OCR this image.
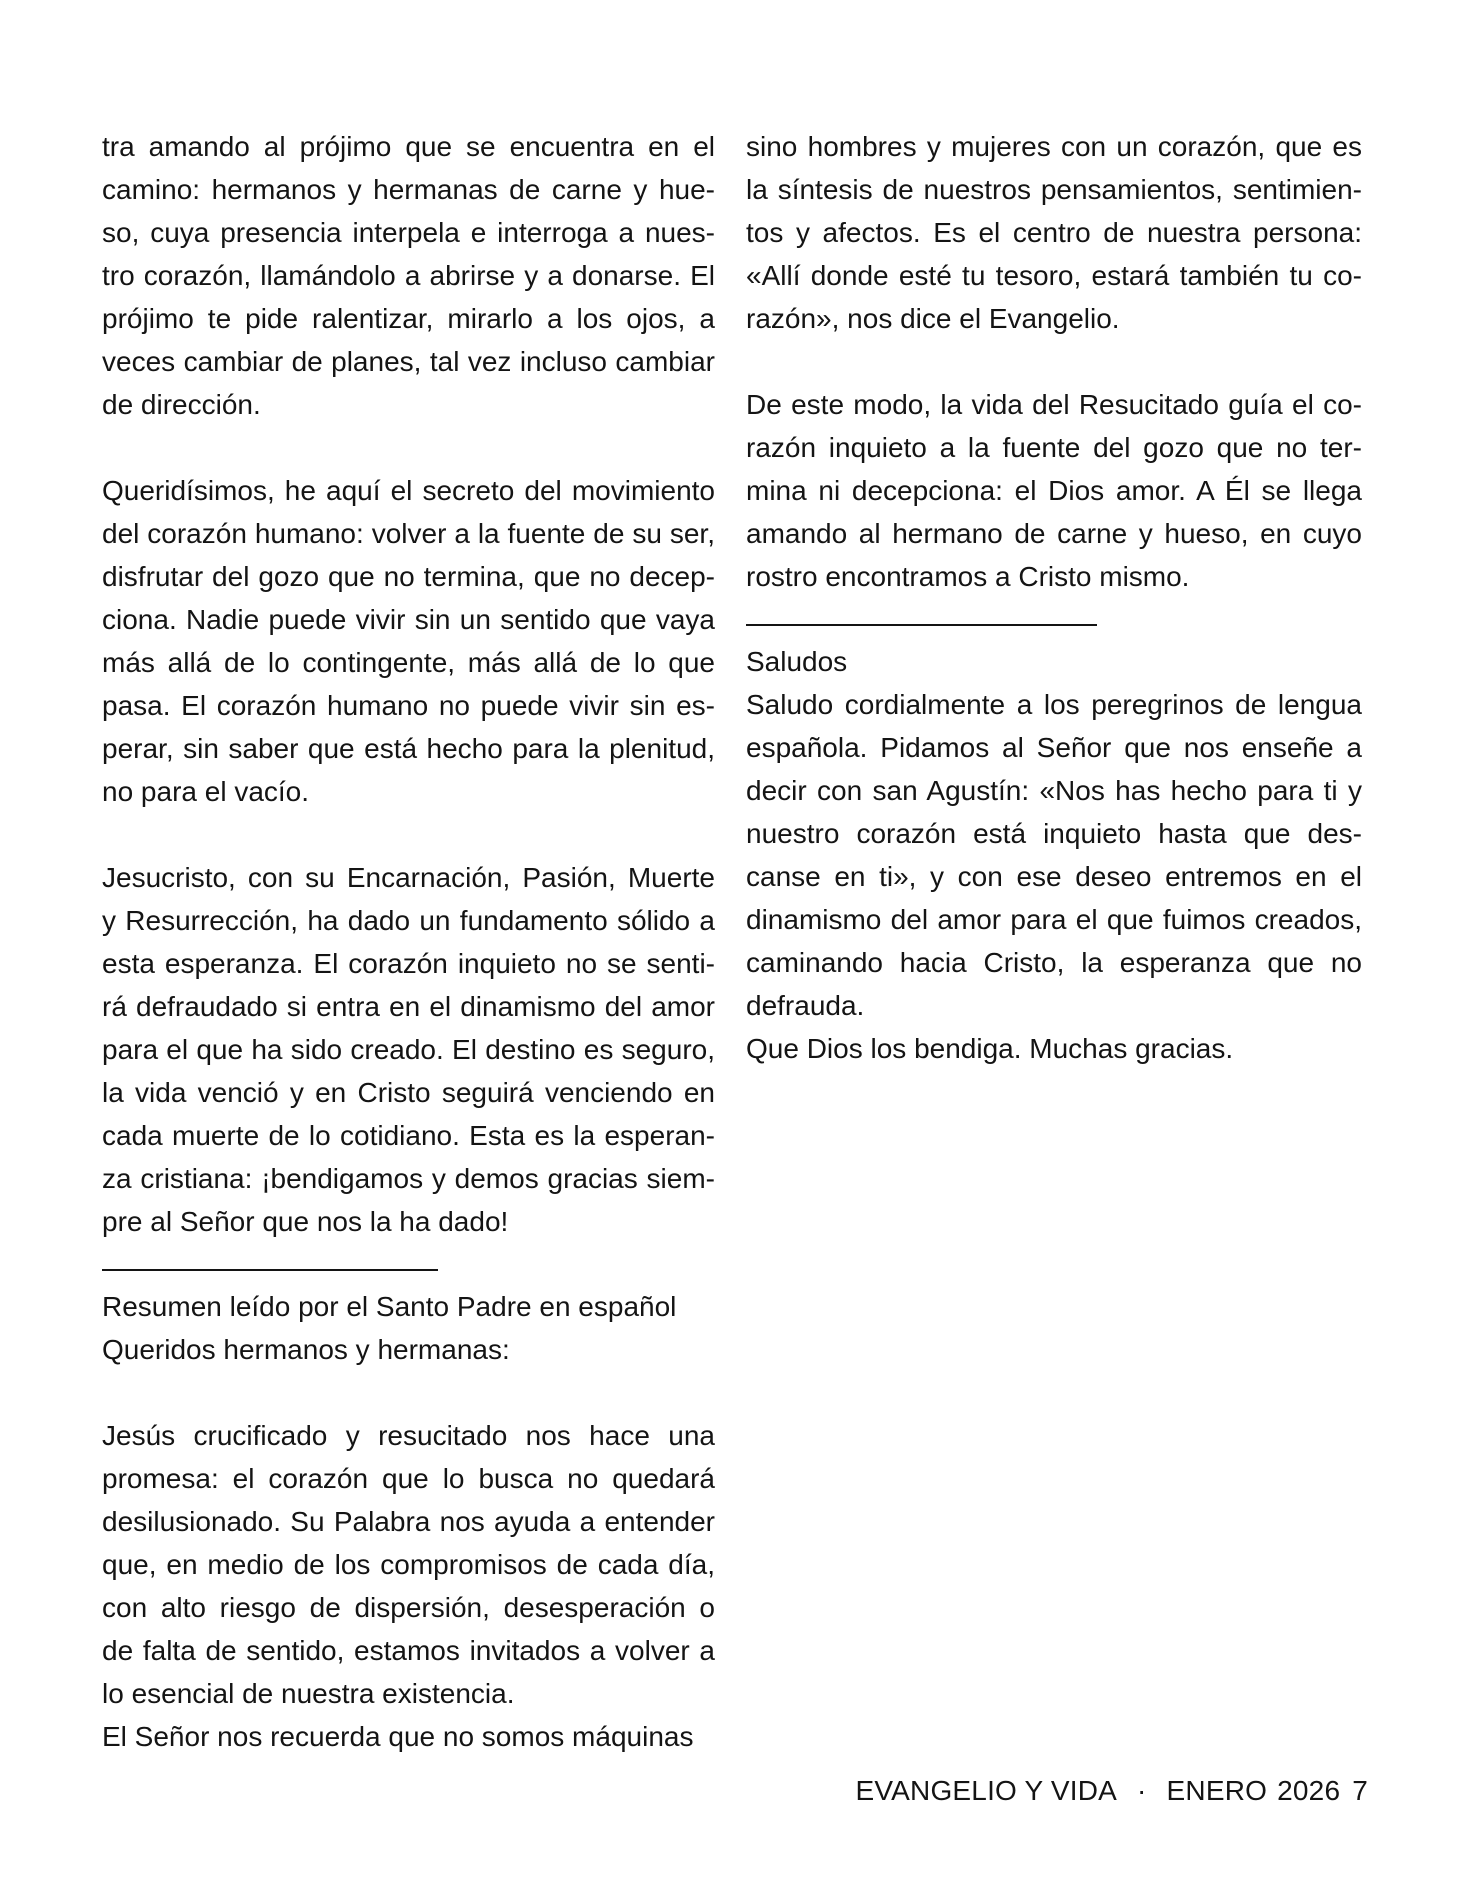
tra amando al prójimo que se encuentra en el camino: hermanos y hermanas de carne y hueso, cuya presencia interpela e interroga a nuestro corazón, llamándolo a abrirse y a donarse. El prójimo te pide ralentizar, mirarlo a los ojos, a veces cambiar de planes, tal vez incluso cambiar de dirección.

Queridísimos, he aquí el secreto del movimiento del corazón humano: volver a la fuente de su ser, disfrutar del gozo que no termina, que no decepciona. Nadie puede vivir sin un sentido que vaya más allá de lo contingente, más allá de lo que pasa. El corazón humano no puede vivir sin esperar, sin saber que está hecho para la plenitud, no para el vacío.

Jesucristo, con su Encarnación, Pasión, Muerte y Resurrección, ha dado un fundamento sólido a esta esperanza. El corazón inquieto no se sentirá defraudado si entra en el dinamismo del amor para el que ha sido creado. El destino es seguro, la vida venció y en Cristo seguirá venciendo en cada muerte de lo cotidiano. Esta es la esperanza cristiana: ¡bendigamos y demos gracias siempre al Señor que nos la ha dado!

Resumen leído por el Santo Padre en español

Queridos hermanos y hermanas:

Jesús crucificado y resucitado nos hace una promesa: el corazón que lo busca no quedará desilusionado. Su Palabra nos ayuda a entender que, en medio de los compromisos de cada día, con alto riesgo de dispersión, desesperación o de falta de sentido, estamos invitados a volver a lo esencial de nuestra existencia.

El Señor nos recuerda que no somos máquinas

sino hombres y mujeres con un corazón, que es la síntesis de nuestros pensamientos, sentimientos y afectos. Es el centro de nuestra persona: «Allí donde esté tu tesoro, estará también tu corazón», nos dice el Evangelio.

De este modo, la vida del Resucitado guía el corazón inquieto a la fuente del gozo que no termina ni decepciona: el Dios amor. A Él se llega amando al hermano de carne y hueso, en cuyo rostro encontramos a Cristo mismo.

Saludos

Saludo cordialmente a los peregrinos de lengua española. Pidamos al Señor que nos enseñe a decir con san Agustín: «Nos has hecho para ti y nuestro corazón está inquieto hasta que descanse en ti», y con ese deseo entremos en el dinamismo del amor para el que fuimos creados, caminando hacia Cristo, la esperanza que no defrauda.

Que Dios los bendiga. Muchas gracias.

EVANGELIO Y VIDA · ENERO 2026 7
